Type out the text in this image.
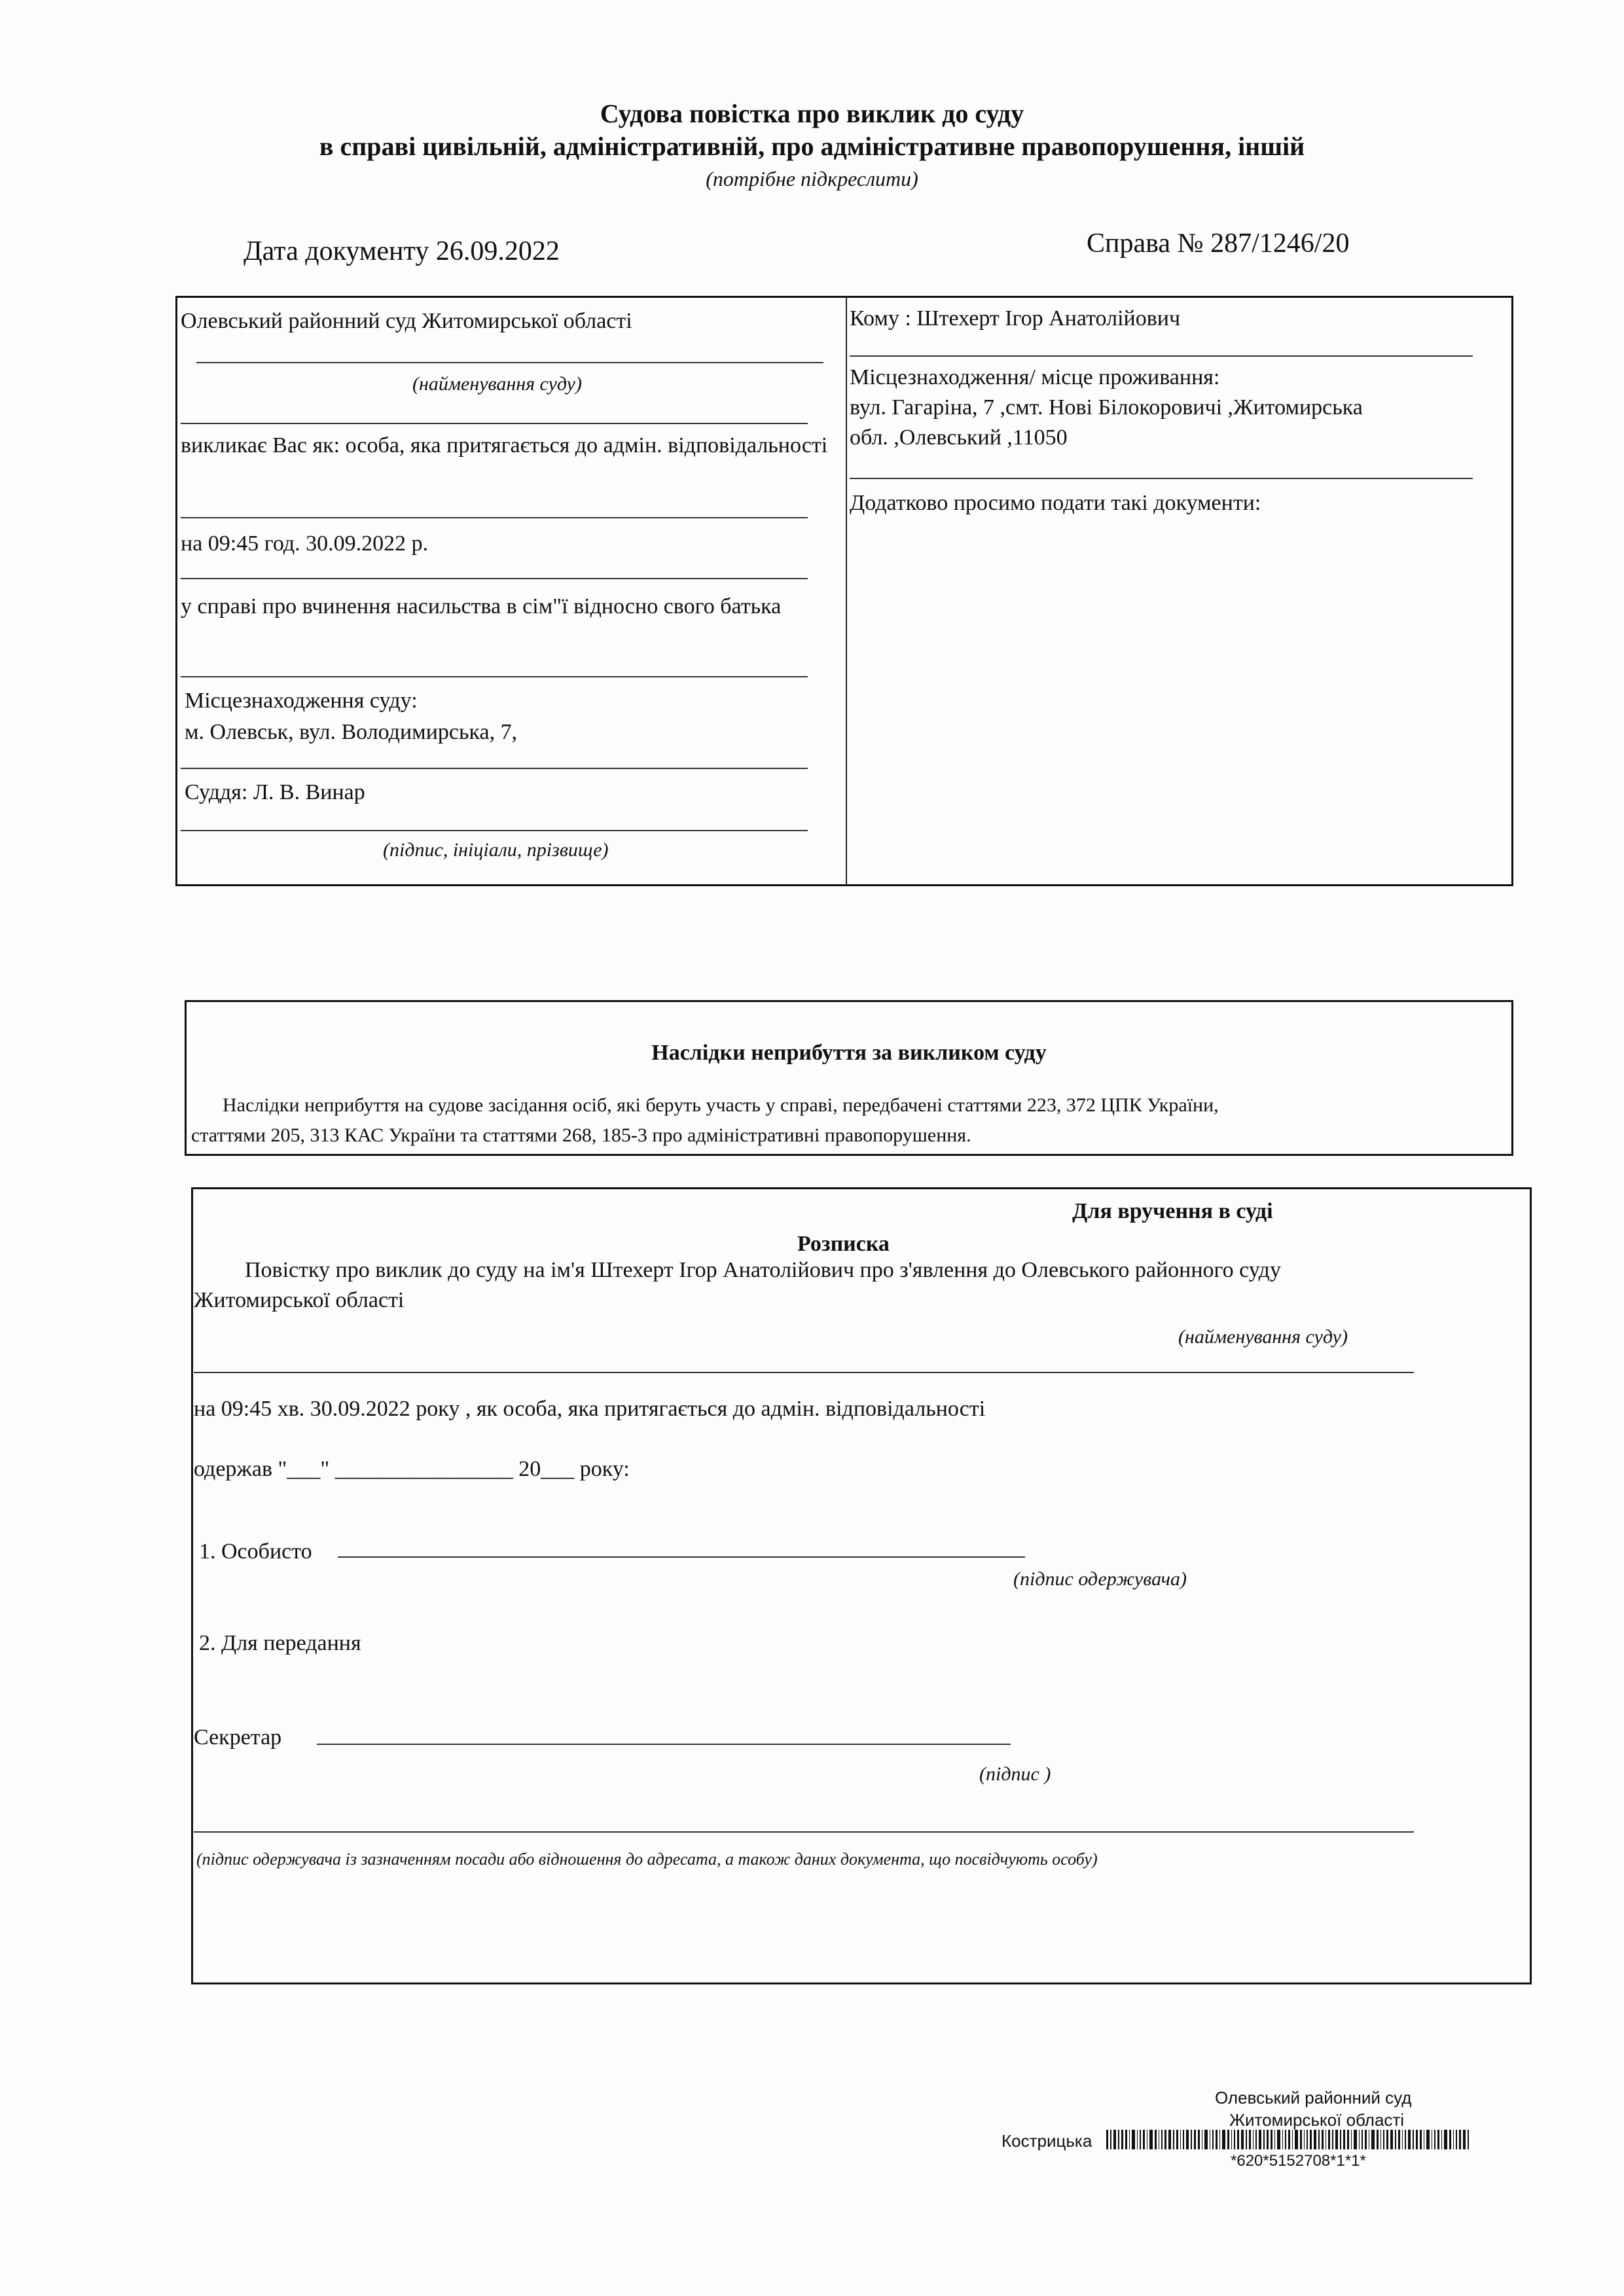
Судова повістка про виклик до суду
в справі цивільній, адміністративній, про адміністративне правопорушення, іншій
(потрібне підкреслити)
Дата документу 26.09.2022	Справа № 287/1246/20
Олевський районний суд Житомирської області
(найменування суду)
викликає Вас як: особа, яка притягається до адмін. відповідальності
на 09:45 год. 30.09.2022 р.
у справі про вчинення насильства в сім"ї відносно свого батька
Місцезнаходження суду:
м. Олевськ, вул. Володимирська, 7,
Суддя: Л. В. Винар
(підпис, ініціали, прізвище)
Кому : Штехерт Ігор Анатолійович
Місцезнаходження/ місце проживання:
вул. Гагаріна, 7 ,смт. Нові Білокоровичі ,Житомирська
обл. ,Олевський ,11050
Додатково просимо подати такі документи:
Наслідки неприбуття за викликом суду
Наслідки неприбуття на судове засідання осіб, які беруть участь у справі, передбачені статтями 223, 372 ЦПК України,
статтями 205, 313 КАС України та статтями 268, 185-3 про адміністративні правопорушення.
Для вручення в суді
Розписка
Повістку про виклик до суду на ім'я Штехерт Ігор Анатолійович про з'явлення до Олевського районного суду
Житомирської області
(найменування суду)
на 09:45 хв. 30.09.2022 року , як особа, яка притягається до адмін. відповідальності
одержав "___" ________________ 20___ року:
1. Особисто
(підпис одержувача)
2. Для передання
Секретар
(підпис )
(підпис одержувача із зазначенням посади або відношення до адресата, а також даних документа, що посвідчують особу)
Олевський районний суд
Житомирської області
Кострицька
*620*5152708*1*1*
